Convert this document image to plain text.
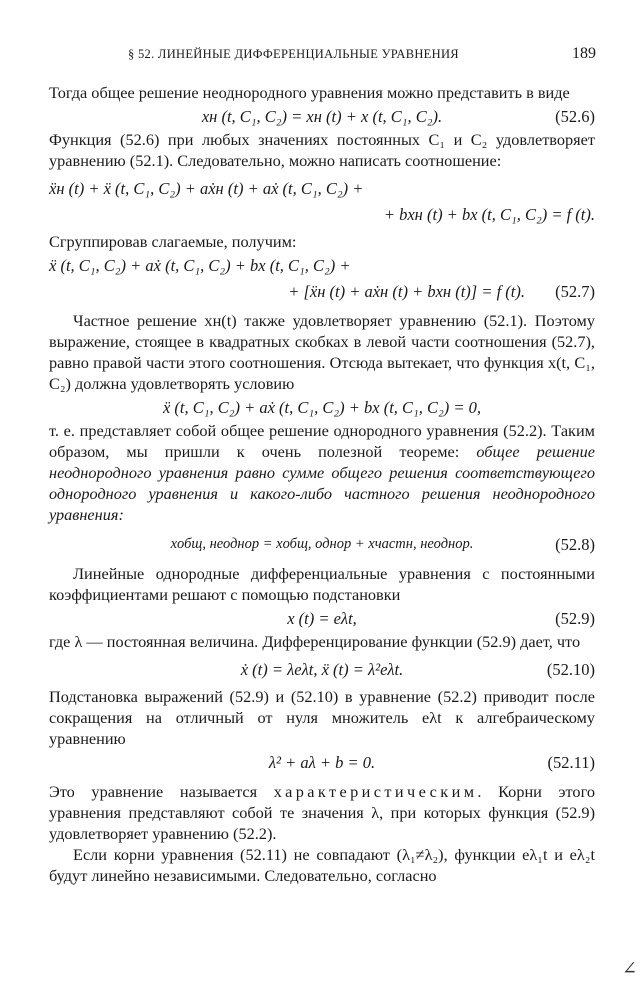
§ 52. ЛИНЕЙНЫЕ ДИФФЕРЕНЦИАЛЬНЫЕ УРАВНЕНИЯ	189

Тогда общее решение неоднородного уравнения можно представить в виде

xн (t, C₁, C₂) = xн (t) + x (t, C₁, C₂).	(52.6)

Функция (52.6) при любых значениях постоянных C₁ и C₂ удовлетворяет уравнению (52.1). Следовательно, можно написать соотношение:

ẍн (t) + ẍ (t, C₁, C₂) + aẋн (t) + aẋ (t, C₁, C₂) +
+ bxн (t) + bx (t, C₁, C₂) = f (t).

Сгруппировав слагаемые, получим:

ẍ (t, C₁, C₂) + aẋ (t, C₁, C₂) + bx (t, C₁, C₂) +
+ [ẍн (t) + aẋн (t) + bxн (t)] = f (t). (52.7)

Частное решение xн(t) также удовлетворяет уравнению (52.1). Поэтому выражение, стоящее в квадратных скобках в левой части соотношения (52.7), равно правой части этого соотношения. Отсюда вытекает, что функция x(t, C₁, C₂) должна удовлетворять условию

ẍ (t, C₁, C₂) + aẋ (t, C₁, C₂) + bx (t, C₁, C₂) = 0,

т. е. представляет собой общее решение однородного уравнения (52.2). Таким образом, мы пришли к очень полезной теореме: общее решение неоднородного уравнения равно сумме общего решения соответствующего однородного уравнения и какого-либо частного решения неоднородного уравнения:

xобщ, неоднор = xобщ, однор + xчастн, неоднор.	(52.8)

Линейные однородные дифференциальные уравнения с постоянными коэффициентами решают с помощью подстановки

x (t) = eλt,	(52.9)

где λ — постоянная величина. Дифференцирование функции (52.9) дает, что

ẋ (t) = λeλt, ẍ (t) = λ²eλt.	(52.10)

Подстановка выражений (52.9) и (52.10) в уравнение (52.2) приводит после сокращения на отличный от нуля множитель eλt к алгебраическому уравнению

λ² + aλ + b = 0.	(52.11)

Это уравнение называется характеристическим. Корни этого уравнения представляют собой те значения λ, при которых функция (52.9) удовлетворяет уравнению (52.2).

Если корни уравнения (52.11) не совпадают (λ₁≠λ₂), функции eλ₁t и eλ₂t будут линейно независимыми. Следовательно, согласно

∠
